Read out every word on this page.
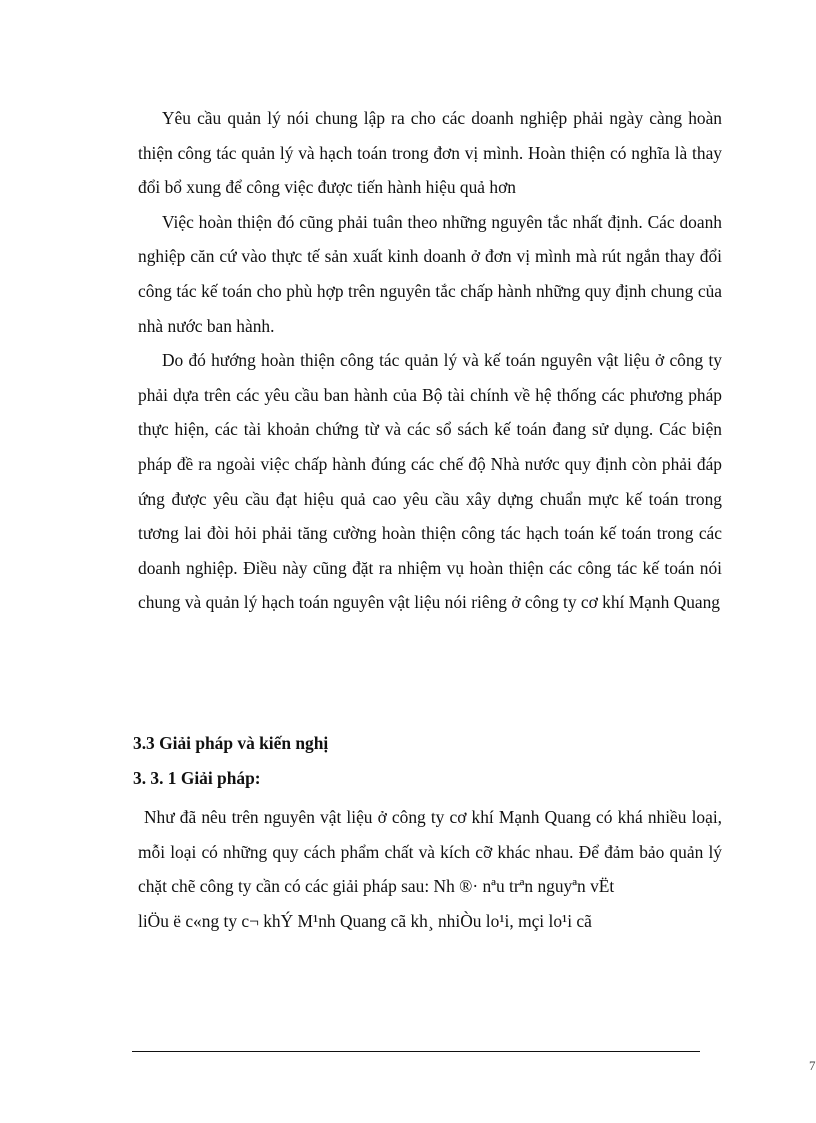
Yêu cầu quản lý nói chung lập ra cho các doanh nghiệp phải ngày càng hoàn thiện công tác quản lý và hạch toán trong đơn vị mình. Hoàn thiện có nghĩa là thay đổi bổ xung để công việc được tiến hành hiệu quả hơn

Việc hoàn thiện đó cũng phải tuân theo những nguyên tắc nhất định. Các doanh nghiệp căn cứ vào thực tế sản xuất kinh doanh ở đơn vị mình mà rút ngắn thay đổi công tác kế toán cho phù hợp trên nguyên tắc chấp hành những quy định chung của nhà nước ban hành.

Do đó hướng hoàn thiện công tác quản lý và kế toán nguyên vật liệu ở công ty phải dựa trên các yêu cầu ban hành của Bộ tài chính về hệ thống các phương pháp thực hiện, các tài khoản chứng từ và các sổ sách kế toán đang sử dụng. Các biện pháp đề ra ngoài việc chấp hành đúng các chế độ Nhà nước quy định còn phải đáp ứng được yêu cầu đạt hiệu quả cao yêu cầu xây dựng chuẩn mực kế toán trong tương lai đòi hỏi phải tăng cường hoàn thiện công tác hạch toán kế toán trong các doanh nghiệp. Điều này cũng đặt ra nhiệm vụ hoàn thiện các công tác kế toán nói chung và quản lý hạch toán nguyên vật liệu nói riêng ở công ty cơ khí Mạnh Quang

3.3 Giải pháp và kiến nghị

3. 3. 1 Giải pháp:

Như đã nêu trên nguyên vật liệu ở công ty cơ khí Mạnh Quang có khá nhiều loại, mỗi loại có những quy cách phẩm chất và kích cỡ khác nhau. Để đảm bảo quản lý chặt chẽ công ty cần có các giải pháp sau: Nh ®· nªu trªn nguyªn vËt

liÖu ë c«ng ty c¬ khÝ M¹nh Quang cã kh¸ nhiÒu lo¹i, mçi lo¹i cã

7
